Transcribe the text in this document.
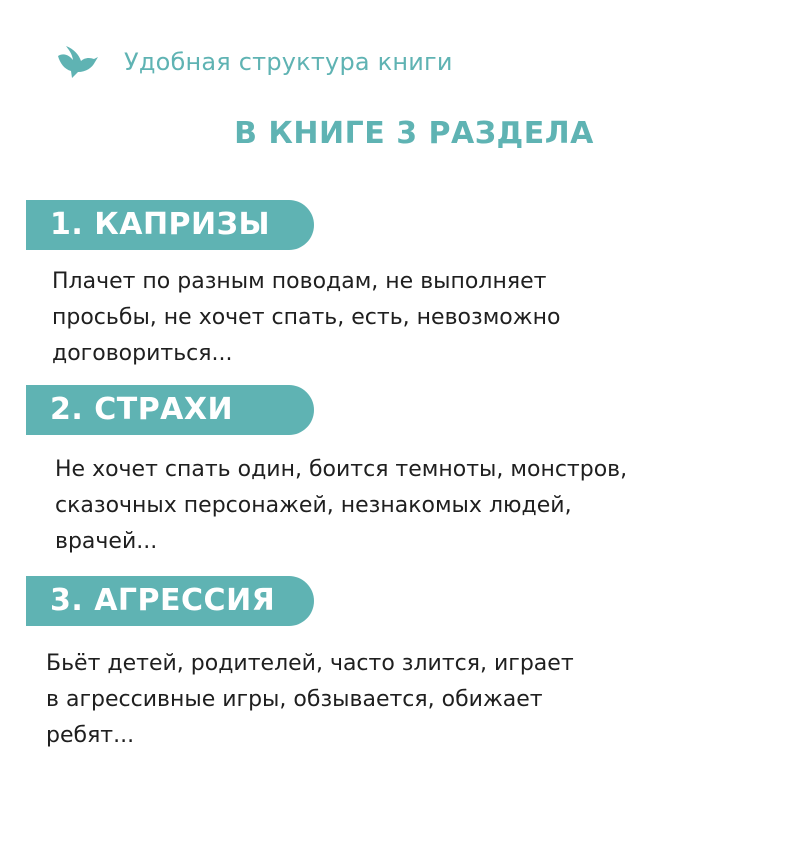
Удобная структура книги
В КНИГЕ 3 РАЗДЕЛА
1. КАПРИЗЫ
Плачет по разным поводам, не выполняет
просьбы, не хочет спать, есть, невозможно
договориться...
2. СТРАХИ
Не хочет спать один, боится темноты, монстров,
сказочных персонажей, незнакомых людей,
врачей...
3. АГРЕССИЯ
Бьёт детей, родителей, часто злится, играет
в агрессивные игры, обзывается, обижает
ребят...
